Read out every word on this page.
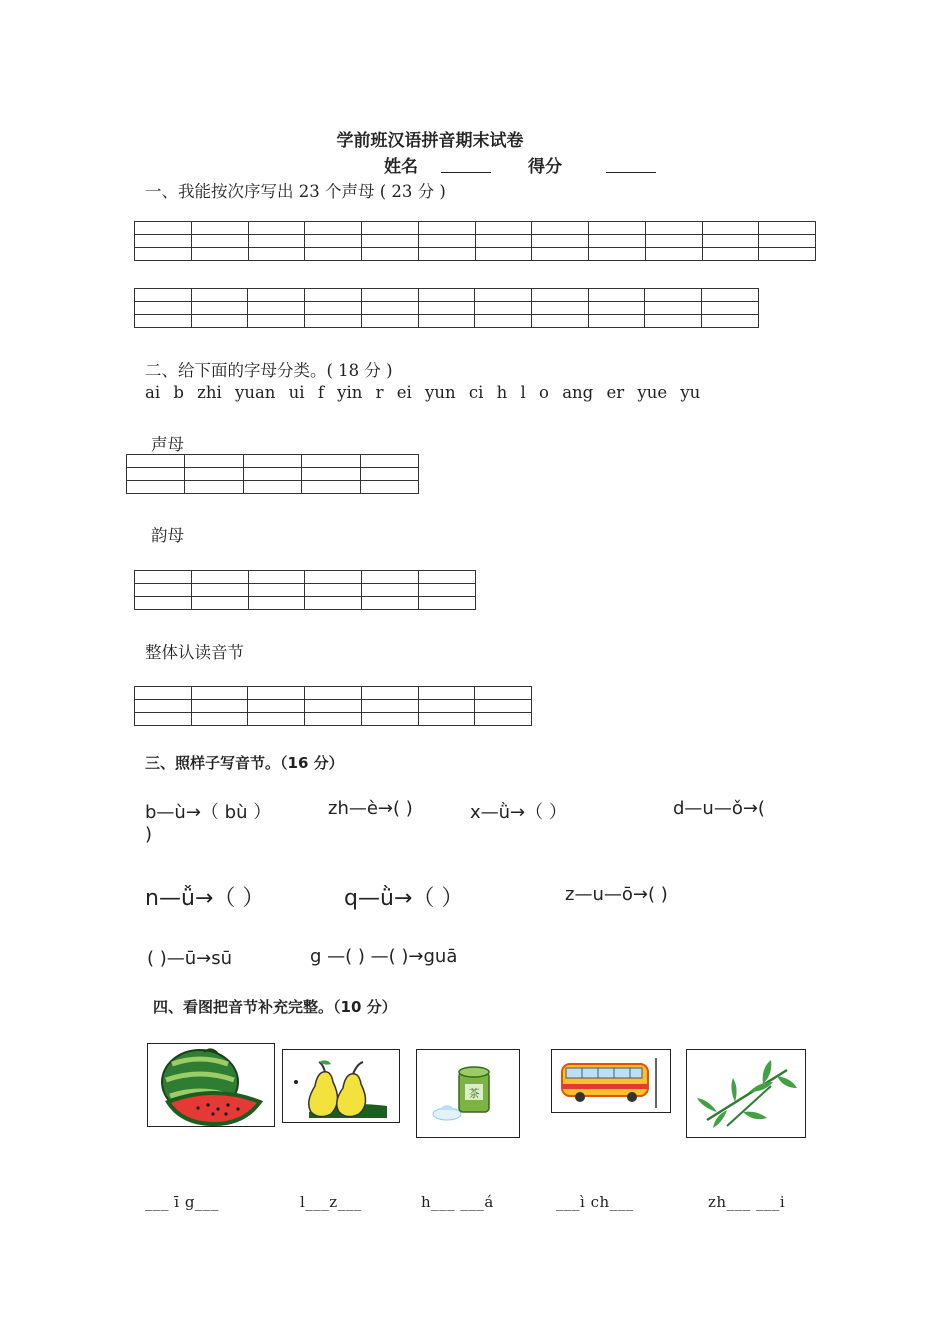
学前班汉语拼音期末试卷
姓名	得分
一、我能按次序写出 23 个声母 ( 23 分 )

二、给下面的字母分类。( 18 分 )
ai b zhi yuan ui f yin r ei yun ci h l o ang er yue yu
声母

韵母

整体认读音节

三、照样子写音节。（16 分）
b—ù→（ bù ）	zh—è→( )	x—ǜ→（ ）	d—u—ǒ→(
)
n—ǚ→（ ）	q—ǜ→（ ）	z—u—ō→( )
( )—ū→sū	g —( ) —( )→guā
四、看图把音节补充完整。（10 分）
茶
___ ī g___	l___z___	h___ ___á	___ì ch___	zh___ ___i
